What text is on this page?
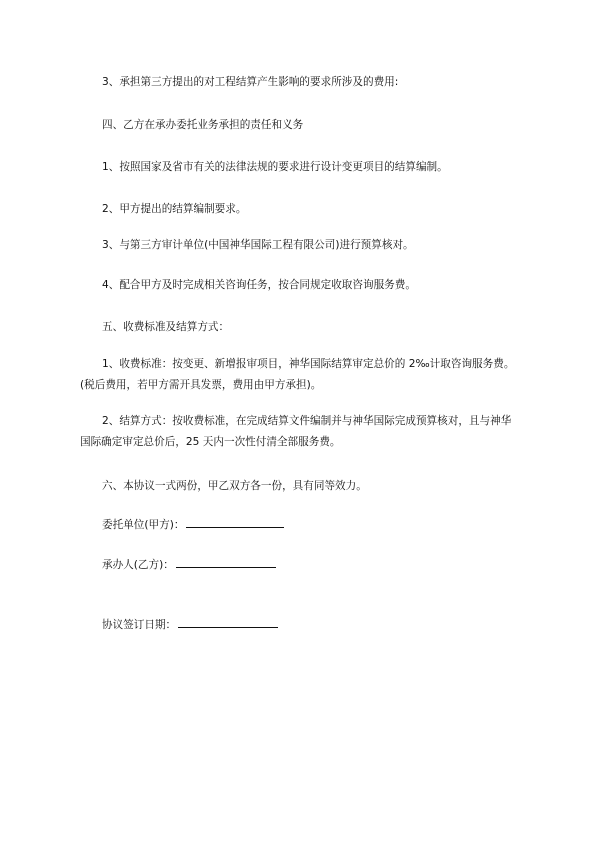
3、承担第三方提出的对工程结算产生影响的要求所涉及的费用:

四、乙方在承办委托业务承担的责任和义务

1、按照国家及省市有关的法律法规的要求进行设计变更项目的结算编制。

2、甲方提出的结算编制要求。

3、与第三方审计单位(中国神华国际工程有限公司)进行预算核对。

4、配合甲方及时完成相关咨询任务，按合同规定收取咨询服务费。

五、收费标准及结算方式：

1、收费标准：按变更、新增报审项目，神华国际结算审定总价的 2‰计取咨询服务费。(税后费用，若甲方需开具发票，费用由甲方承担)。

2、结算方式：按收费标准，在完成结算文件编制并与神华国际完成预算核对，且与神华国际确定审定总价后，25 天内一次性付清全部服务费。

六、本协议一式两份，甲乙双方各一份，具有同等效力。

委托单位(甲方)：
承办人(乙方)：
协议签订日期：
